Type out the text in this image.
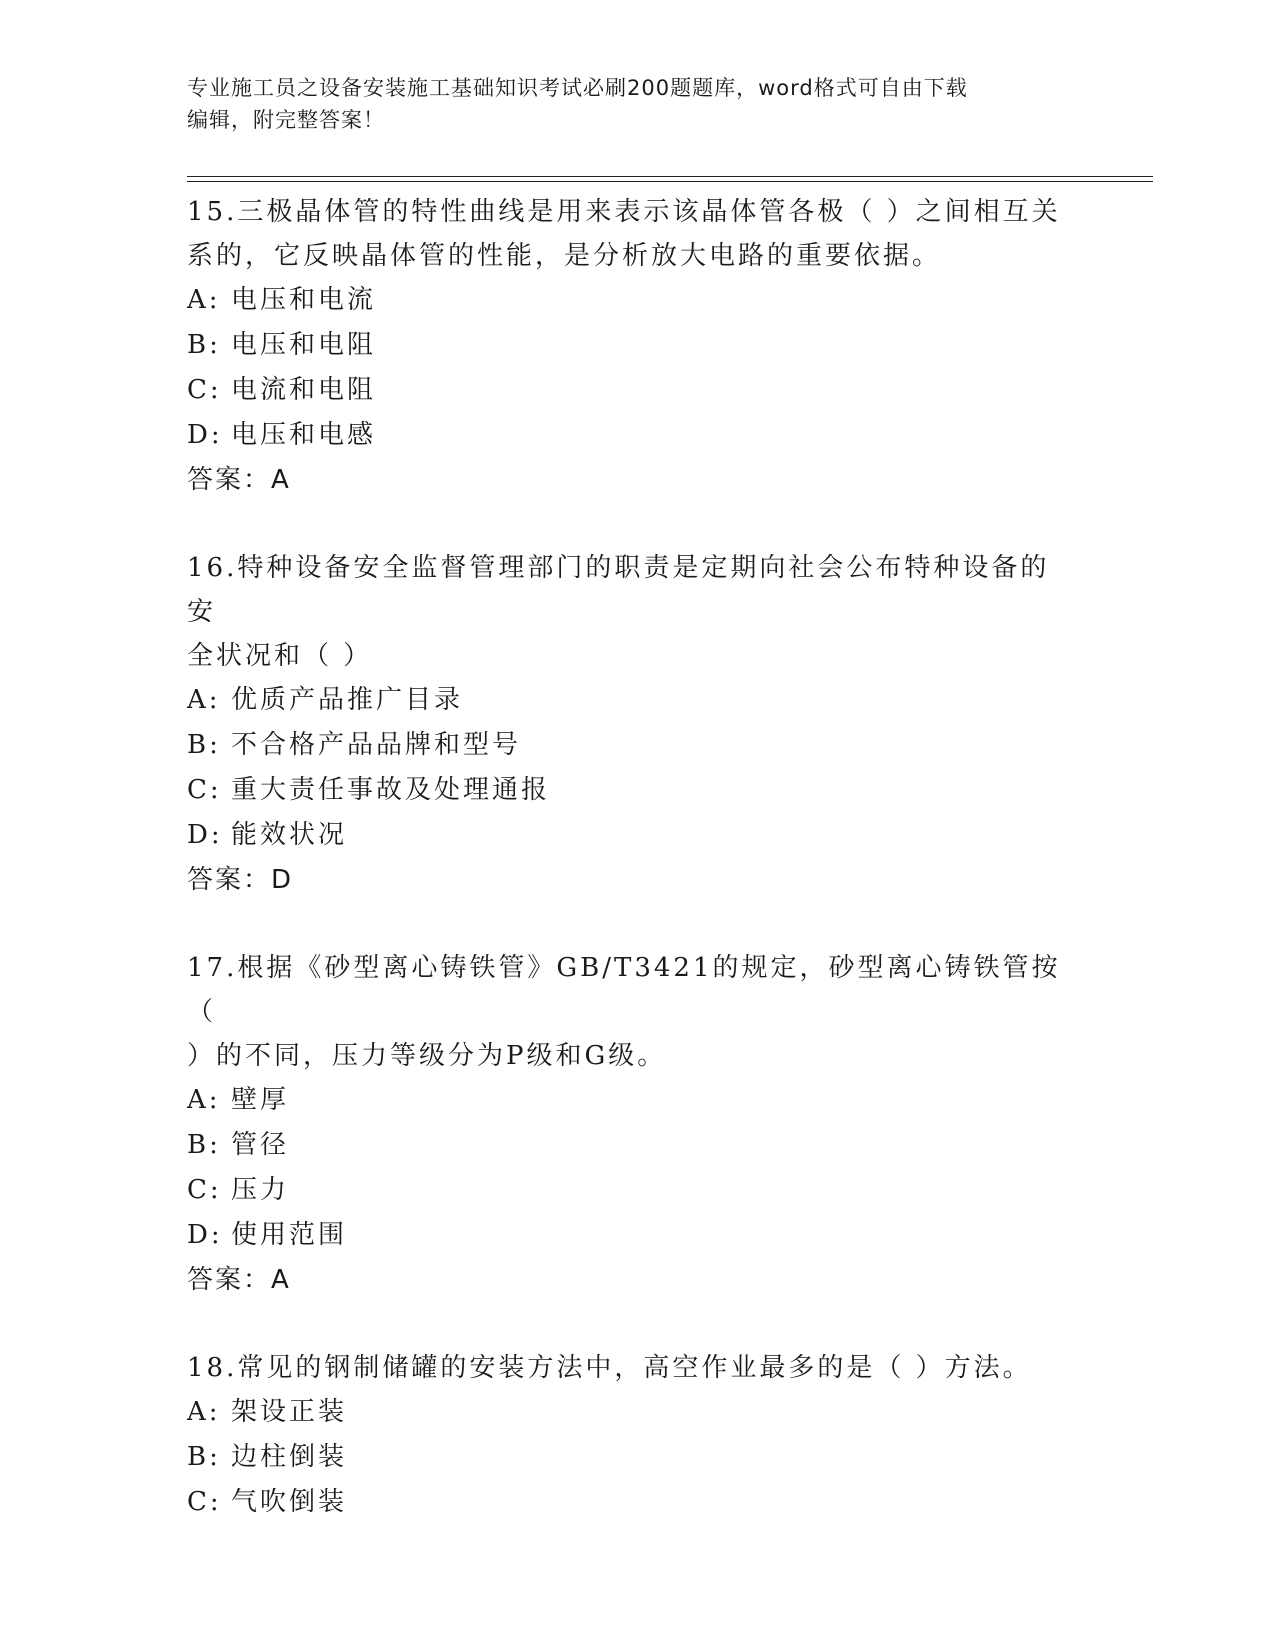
专业施工员之设备安装施工基础知识考试必刷200题题库，word格式可自由下载
编辑，附完整答案！
15.三极晶体管的特性曲线是用来表示该晶体管各极（ ）之间相互关
系的，它反映晶体管的性能，是分析放大电路的重要依据。
A: 电压和电流
B: 电压和电阻
C: 电流和电阻
D: 电压和电感
答案：A
16.特种设备安全监督管理部门的职责是定期向社会公布特种设备的安
全状况和（ ）
A: 优质产品推广目录
B: 不合格产品品牌和型号
C: 重大责任事故及处理通报
D: 能效状况
答案：D
17.根据《砂型离心铸铁管》GB/T3421的规定，砂型离心铸铁管按（
）的不同，压力等级分为P级和G级。
A: 壁厚
B: 管径
C: 压力
D: 使用范围
答案：A
18.常见的钢制储罐的安装方法中，高空作业最多的是（ ）方法。
A: 架设正装
B: 边柱倒装
C: 气吹倒装
